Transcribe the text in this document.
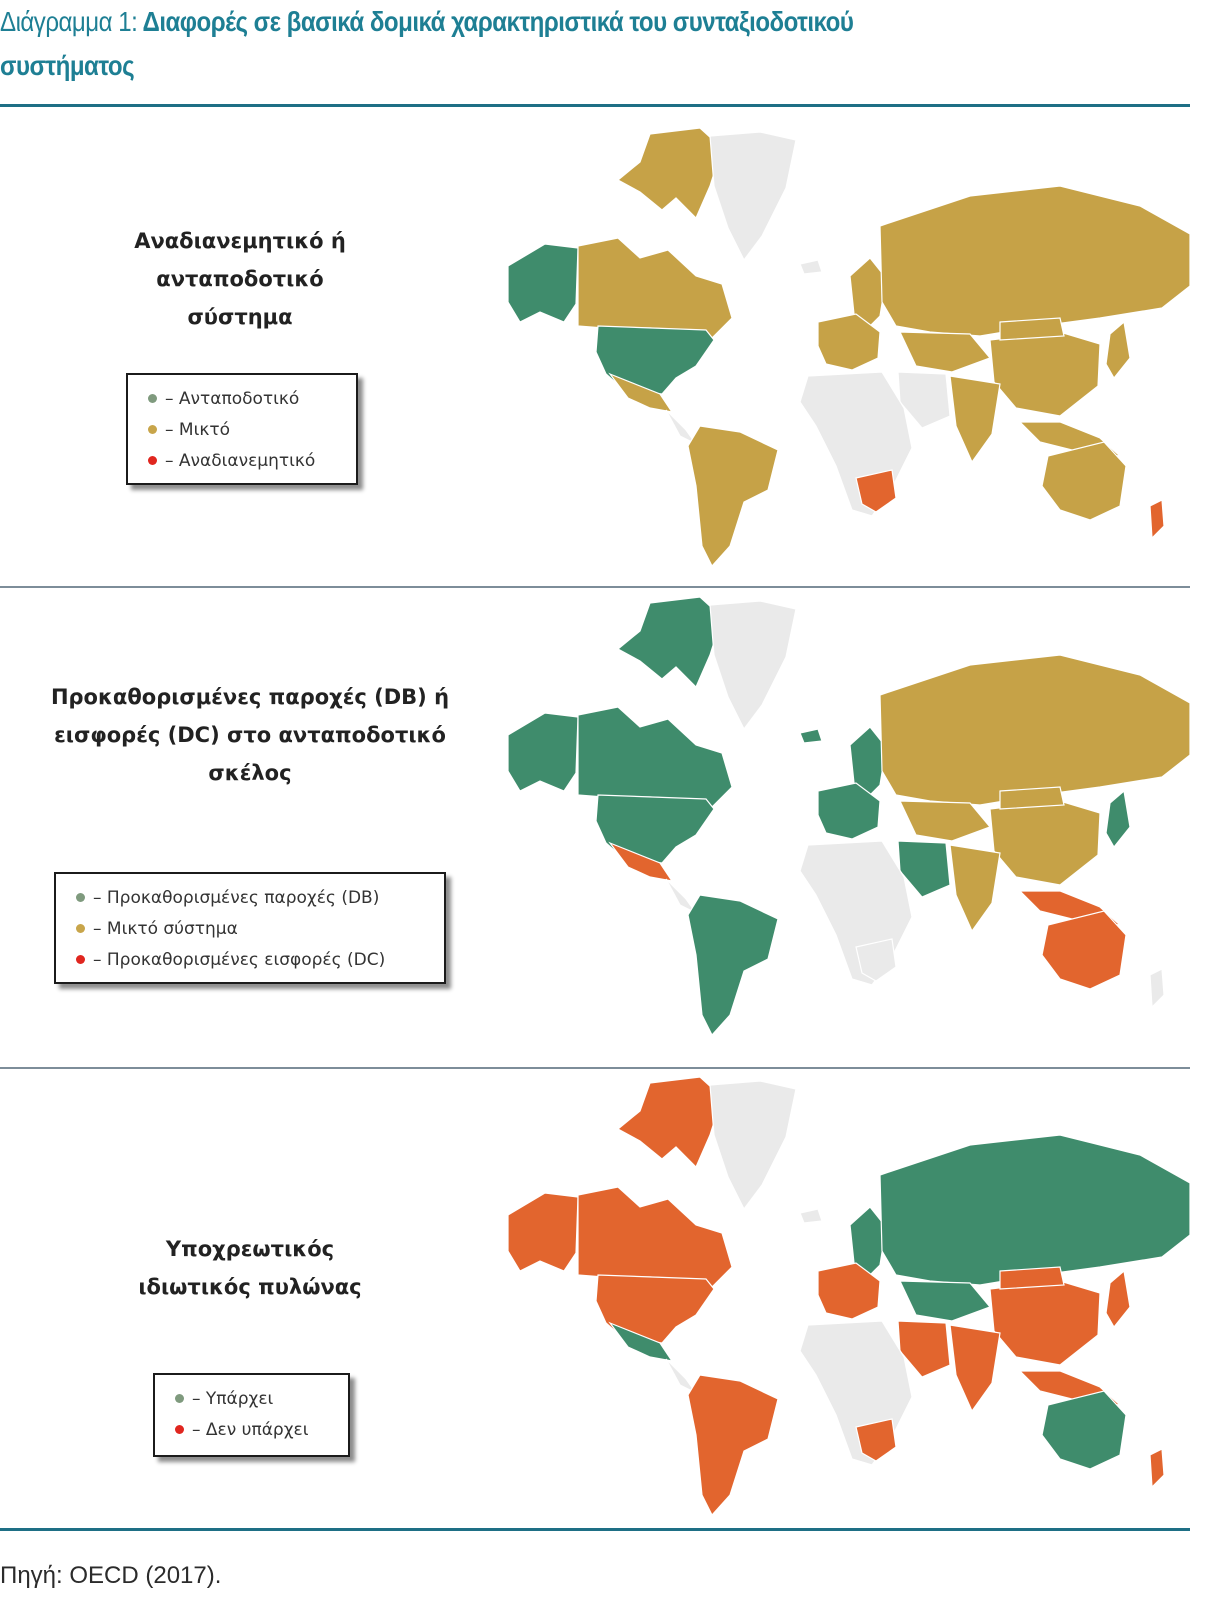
Διάγραμμα 1: Διαφορές σε βασικά δομικά χαρακτηριστικά του συνταξιοδοτικού
συστήματος
Αναδιανεμητικό ή
ανταποδοτικό
σύστημα
– Ανταποδοτικό
– Μικτό
– Αναδιανεμητικό
Προκαθορισμένες παροχές (DB) ή
εισφορές (DC) στο ανταποδοτικό
σκέλος
– Προκαθορισμένες παροχές (DB)
– Μικτό σύστημα
– Προκαθορισμένες εισφορές (DC)
Υποχρεωτικός
ιδιωτικός πυλώνας
– Υπάρχει
– Δεν υπάρχει
Πηγή: OECD (2017).
